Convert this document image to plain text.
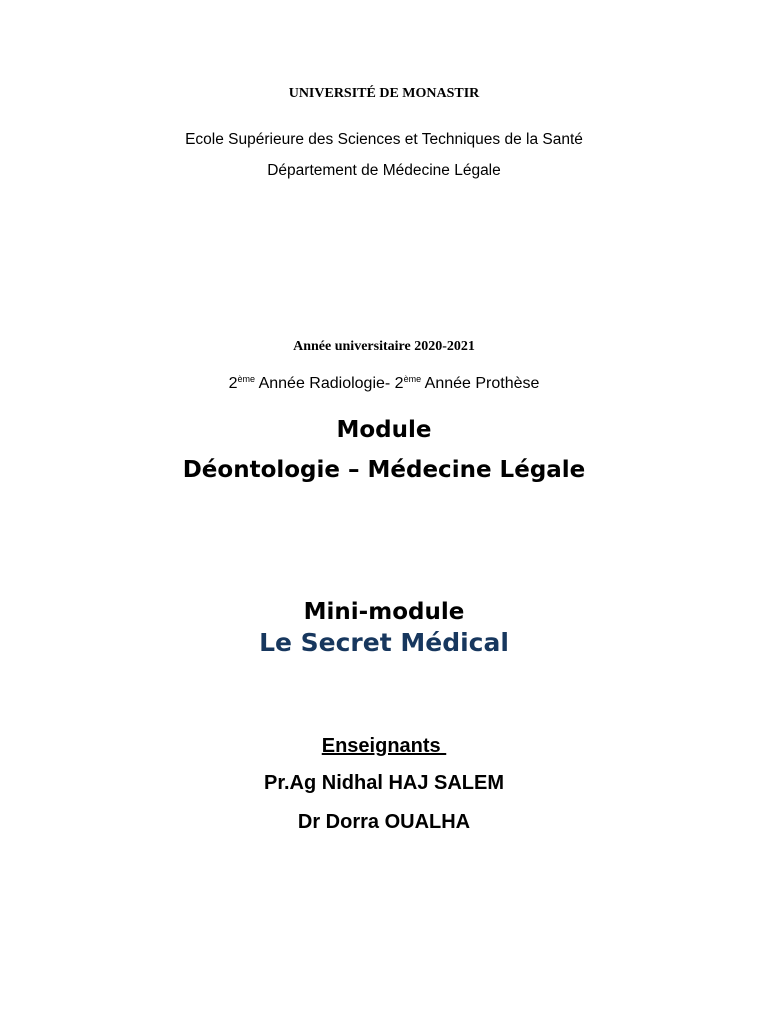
UNIVERSITÉ DE MONASTIR

Ecole Supérieure des Sciences et Techniques de la Santé

Département de Médecine Légale

Année universitaire 2020-2021

2ème Année Radiologie- 2ème Année Prothèse

Module

Déontologie – Médecine Légale

Mini-module

Le Secret Médical

Enseignants

Pr.Ag Nidhal HAJ SALEM

Dr Dorra OUALHA
